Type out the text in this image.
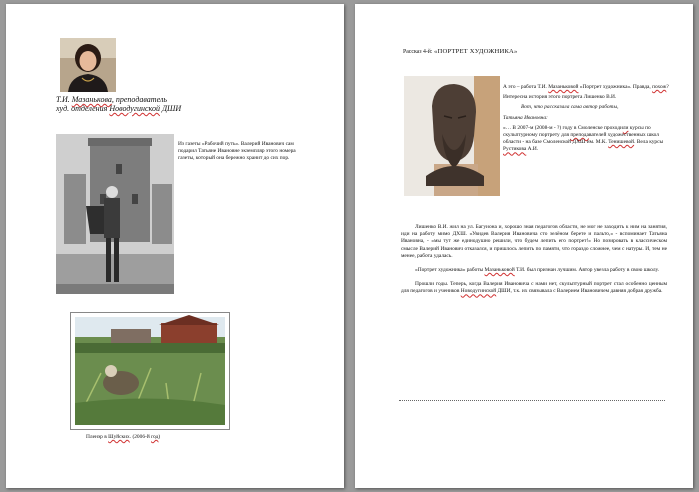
Т.И. Мазанькова, преподаватель
худ. отделения Новодугинской ДШИ
Из газеты «Рабочий путь». Валерий Иванович сам подарил Татьяне Ивановне экземпляр этого номера газеты, который она бережно хранит до сих пор.
Пленэр в Шуйских. (2006-й год)
Рассказ 4-й: «ПОРТРЕТ ХУДОЖНИКА»

А это – работа Т.И. Мазаньковой «Портрет художника». Правда, похож?

Интересна история этого портрета Лишенко В.И.

Вот, что рассказала сама автор работы,

Татьяна Ивановна:

«… В 2007-м (2008-м - ?) году в Смоленске проходили курсы по скульптурному портрету для преподавателей художественных школ области - на базе Смоленской ДХШ им. М.К. Тенишевой. Вела курсы Рустикова А.И.

Лишенко В.И. жил на ул. Багуиона и, хорошо зная педагогов области, не мог не заходить к ним на занятия, иди на работу мимо ДХШ. «Увидев Валерия Ивановича сто зелёном берете и пальто,» - вспоминает Татьяна Ивановна, - «мы тут же единодушно решили, что будем лепить его портрет!» Но позировать в классическом смысле Валерий Иванович отказался, и пришлось лепить по памяти, что гораздо сложнее, чем с натуры. И, тем не менее, работа удалась.

«Портрет художника» работы Мазаньковой Т.И. был признан лучшим. Автор увезла работу в свою школу.

Прошли годы. Теперь, когда Валерия Ивановича с нами нет, скульптурный портрет стал особенно ценным для педагогов и учеников Новодугинской ДШИ, т.к. их связывала с Валерием Ивановичем давняя добрая дружба.
